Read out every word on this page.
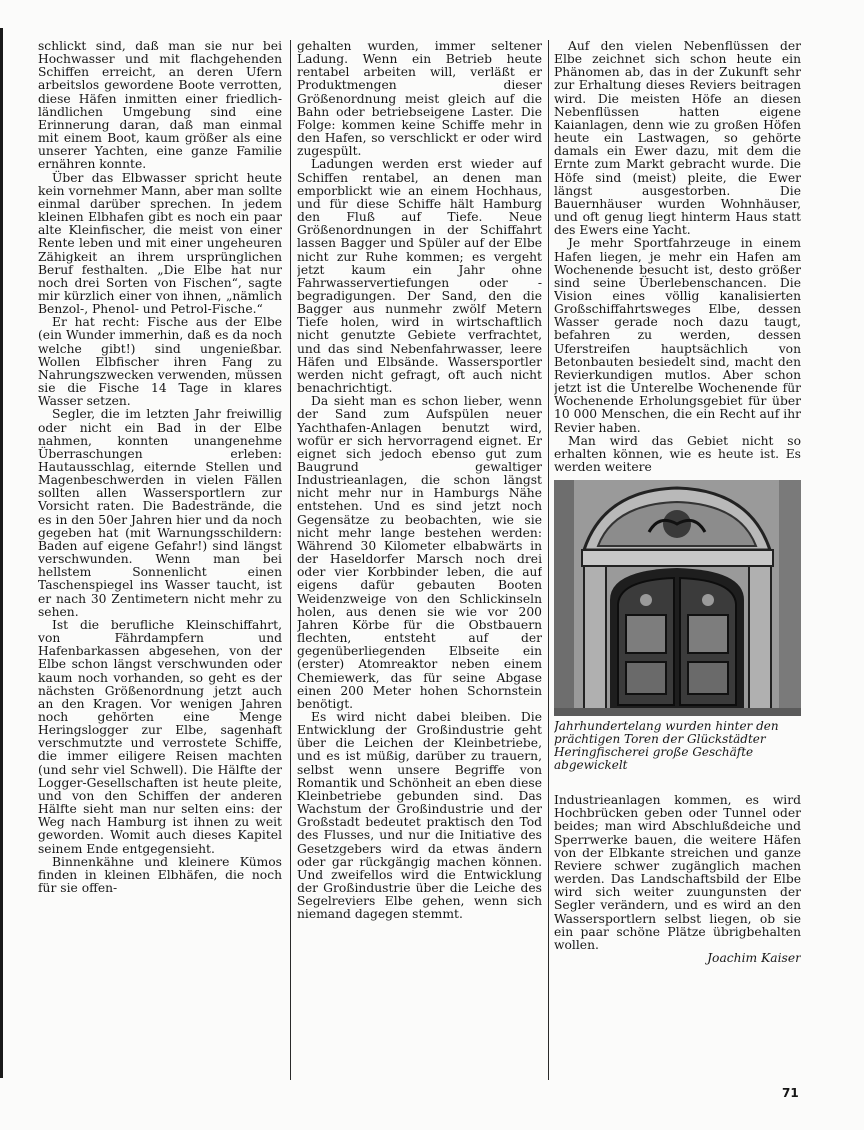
schlickt sind, daß man sie nur bei Hochwasser und mit flachgehenden Schiffen erreicht, an deren Ufern arbeitslos gewordene Boote verrotten, diese Häfen inmitten einer friedlich-ländlichen Umgebung sind eine Erinnerung daran, daß man einmal mit einem Boot, kaum größer als eine unserer Yachten, eine ganze Familie ernähren konnte.

Über das Elbwasser spricht heute kein vornehmer Mann, aber man sollte einmal darüber sprechen. In jedem kleinen Elbhafen gibt es noch ein paar alte Kleinfischer, die meist von einer Rente leben und mit einer ungeheuren Zähigkeit an ihrem ursprünglichen Beruf festhalten. „Die Elbe hat nur noch drei Sorten von Fischen“, sagte mir kürzlich einer von ihnen, „nämlich Benzol-, Phenol- und Petrol-Fische.“

Er hat recht: Fische aus der Elbe (ein Wunder immerhin, daß es da noch welche gibt!) sind ungenießbar. Wollen Elbfischer ihren Fang zu Nahrungszwecken verwenden, müssen sie die Fische 14 Tage in klares Wasser setzen.

Segler, die im letzten Jahr freiwillig oder nicht ein Bad in der Elbe nahmen, konnten unangenehme Überraschungen erleben: Hautausschlag, eiternde Stellen und Magenbeschwerden in vielen Fällen sollten allen Wassersportlern zur Vorsicht raten. Die Badestrände, die es in den 50er Jahren hier und da noch gegeben hat (mit Warnungsschildern: Baden auf eigene Gefahr!) sind längst verschwunden. Wenn man bei hellstem Sonnenlicht einen Taschenspiegel ins Wasser taucht, ist er nach 30 Zentimetern nicht mehr zu sehen.

Ist die berufliche Kleinschiffahrt, von Fährdampfern und Hafenbarkassen abgesehen, von der Elbe schon längst verschwunden oder kaum noch vorhanden, so geht es der nächsten Größenordnung jetzt auch an den Kragen. Vor wenigen Jahren noch gehörten eine Menge Heringslogger zur Elbe, sagenhaft verschmutzte und verrostete Schiffe, die immer eiligere Reisen machten (und sehr viel Schwell). Die Hälfte der Logger-Gesellschaften ist heute pleite, und von den Schiffen der anderen Hälfte sieht man nur selten eins: der Weg nach Hamburg ist ihnen zu weit geworden. Womit auch dieses Kapitel seinem Ende entgegensieht.

Binnenkähne und kleinere Kümos finden in kleinen Elbhäfen, die noch für sie offen-

gehalten wurden, immer seltener Ladung. Wenn ein Betrieb heute rentabel arbeiten will, verläßt er Produktmengen dieser Größenordnung meist gleich auf die Bahn oder betriebseigene Laster. Die Folge: kommen keine Schiffe mehr in den Hafen, so verschlickt er oder wird zugespült.

Ladungen werden erst wieder auf Schiffen rentabel, an denen man emporblickt wie an einem Hochhaus, und für diese Schiffe hält Hamburg den Fluß auf Tiefe. Neue Größenordnungen in der Schiffahrt lassen Bagger und Spüler auf der Elbe nicht zur Ruhe kommen; es vergeht jetzt kaum ein Jahr ohne Fahrwasservertiefungen oder -begradigungen. Der Sand, den die Bagger aus nunmehr zwölf Metern Tiefe holen, wird in wirtschaftlich nicht genutzte Gebiete verfrachtet, und das sind Nebenfahrwasser, leere Häfen und Elbsände. Wassersportler werden nicht gefragt, oft auch nicht benachrichtigt.

Da sieht man es schon lieber, wenn der Sand zum Aufspülen neuer Yachthafen-Anlagen benutzt wird, wofür er sich hervorragend eignet. Er eignet sich jedoch ebenso gut zum Baugrund gewaltiger Industrieanlagen, die schon längst nicht mehr nur in Hamburgs Nähe entstehen. Und es sind jetzt noch Gegensätze zu beobachten, wie sie nicht mehr lange bestehen werden: Während 30 Kilometer elbabwärts in der Haseldorfer Marsch noch drei oder vier Korbbinder leben, die auf eigens dafür gebauten Booten Weidenzweige von den Schlickinseln holen, aus denen sie wie vor 200 Jahren Körbe für die Obstbauern flechten, entsteht auf der gegenüberliegenden Elbseite ein (erster) Atomreaktor neben einem Chemiewerk, das für seine Abgase einen 200 Meter hohen Schornstein benötigt.

Es wird nicht dabei bleiben. Die Entwicklung der Großindustrie geht über die Leichen der Kleinbetriebe, und es ist müßig, darüber zu trauern, selbst wenn unsere Begriffe von Romantik und Schönheit an eben diese Kleinbetriebe gebunden sind. Das Wachstum der Großindustrie und der Großstadt bedeutet praktisch den Tod des Flusses, und nur die Initiative des Gesetzgebers wird da etwas ändern oder gar rückgängig machen können. Und zweifellos wird die Entwicklung der Großindustrie über die Leiche des Segelreviers Elbe gehen, wenn sich niemand dagegen stemmt.

Auf den vielen Nebenflüssen der Elbe zeichnet sich schon heute ein Phänomen ab, das in der Zukunft sehr zur Erhaltung dieses Reviers beitragen wird. Die meisten Höfe an diesen Nebenflüssen hatten eigene Kaianlagen, denn wie zu großen Höfen heute ein Lastwagen, so gehörte damals ein Ewer dazu, mit dem die Ernte zum Markt gebracht wurde. Die Höfe sind (meist) pleite, die Ewer längst ausgestorben. Die Bauernhäuser wurden Wohnhäuser, und oft genug liegt hinterm Haus statt des Ewers eine Yacht.

Je mehr Sportfahrzeuge in einem Hafen liegen, je mehr ein Hafen am Wochenende besucht ist, desto größer sind seine Überlebenschancen. Die Vision eines völlig kanalisierten Großschiffahrtsweges Elbe, dessen Wasser gerade noch dazu taugt, befahren zu werden, dessen Uferstreifen hauptsächlich von Betonbauten besiedelt sind, macht den Revierkundigen mutlos. Aber schon jetzt ist die Unterelbe Wochenende für Wochenende Erholungsgebiet für über 10 000 Menschen, die ein Recht auf ihr Revier haben.

Man wird das Gebiet nicht so erhalten können, wie es heute ist. Es werden weitere

Jahrhundertelang wurden hinter den prächtigen Toren der Glückstädter Heringfischerei große Geschäfte abgewickelt

Industrieanlagen kommen, es wird Hochbrücken geben oder Tunnel oder beides; man wird Abschlußdeiche und Sperrwerke bauen, die weitere Häfen von der Elbkante streichen und ganze Reviere schwer zugänglich machen werden. Das Landschaftsbild der Elbe wird sich weiter zuungunsten der Segler verändern, und es wird an den Wassersportlern selbst liegen, ob sie ein paar schöne Plätze übrigbehalten wollen.

Joachim Kaiser

71
